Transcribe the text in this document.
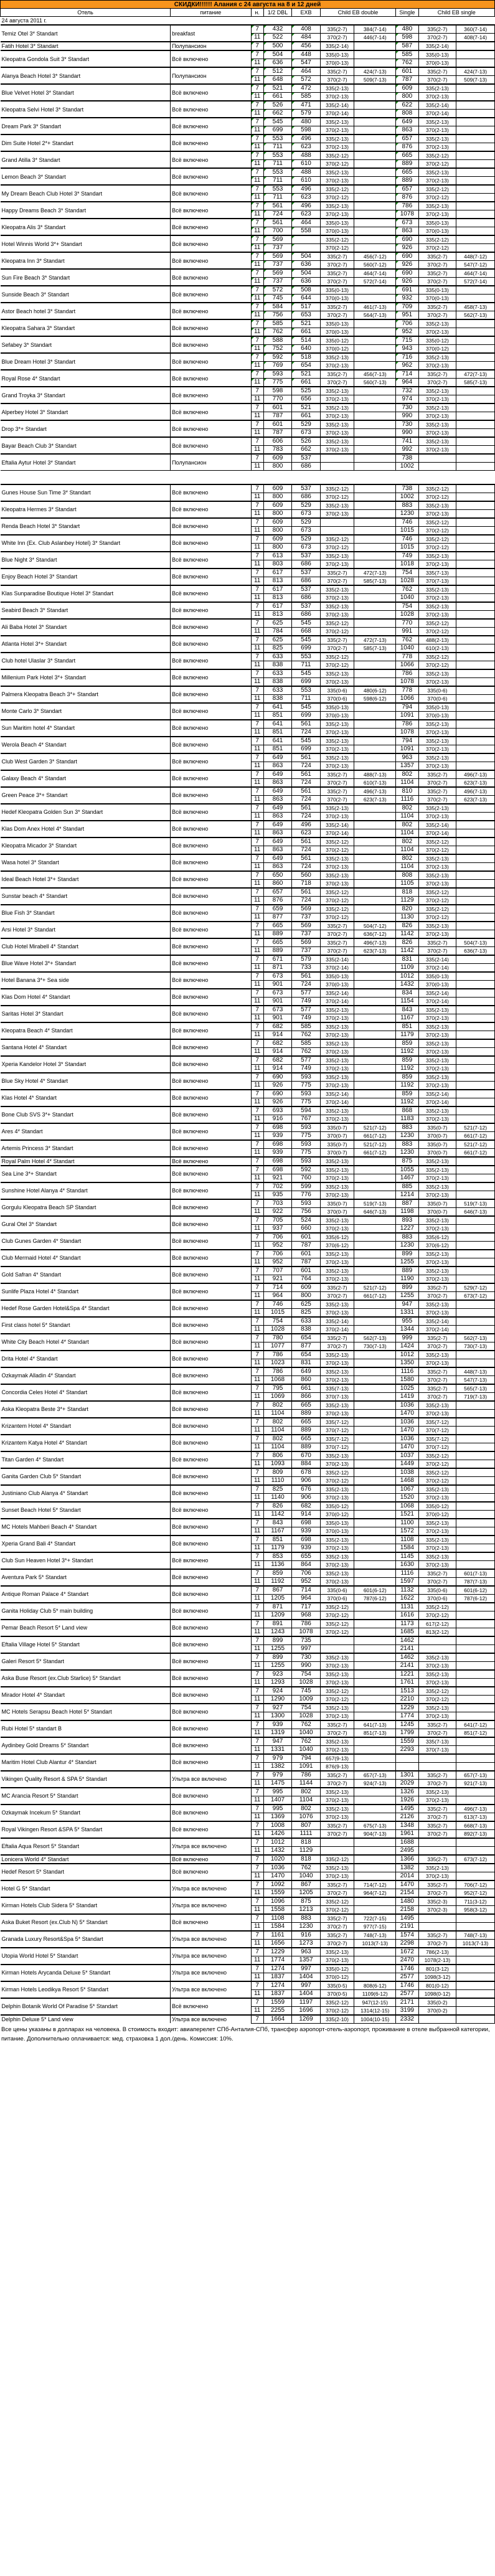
СКИДКИ!!!!!! Алания с 24 августа на 8 и 12 дней
Отель	питание	н.	1/2 DBL	EXB	Child EB double		Single	Child EB single	
24 августа 2011 г.									
Temiz Otel 3* Standart	breakfast	7	432	408	335(2-7)	384(7-14)	480	335(2-7)	360(7-14)
		11	522	484	370(2-7)	446(7-14)	598	370(2-7)	408(7-14)
Fatih Hotel 3* Standart	Полупансион	7	500	456	335(2-14)		587	335(2-14)	
Kleopatra Gondola Suit 3* Standart	Всё включено	7	504	448	335(0-13)		585	335(0-13)	
		11	636	547	370(0-13)		762	370(0-13)	
Alanya Beach Hotel 3* Standart	Полупансион	7	512	464	335(2-7)	424(7-13)	601	335(2-7)	424(7-13)
		11	648	572	370(2-7)	509(7-13)	787	370(2-7)	509(7-13)
Blue Velvet Hotel 3* Standart	Всё включено	7	521	472	335(2-13)		609	335(2-13)	
		11	661	585	370(2-13)		800	370(2-13)	
Kleopatra Selvi Hotel 3* Standart	Всё включено	7	526	471	335(2-14)		622	335(2-14)	
		11	662	579	370(2-14)		808	370(2-14)	
Dream Park 3* Standart	Всё включено	7	545	480	335(2-13)		649	335(2-13)	
		11	699	598	370(2-13)		863	370(2-13)	
Dim Suite Hotel 2*+ Standart	Всё включено	7	553	496	335(2-13)		657	335(2-13)	
		11	711	623	370(2-13)		876	370(2-13)	
Grand Atilla 3* Standart	Всё включено	7	553	488	335(2-12)		665	335(2-12)	
		11	711	610	370(2-12)		889	370(2-12)	
Lemon Beach 3* Standart	Всё включено	7	553	488	335(2-13)		665	335(2-13)	
		11	711	610	370(2-13)		889	370(2-13)	
My Dream Beach Club Hotel 3* Standart	Всё включено	7	553	496	335(2-12)		657	335(2-12)	
		11	711	623	370(2-12)		876	370(2-12)	
Happy Dreams Beach 3* Standart	Всё включено	7	561	496	335(2-13)		786	335(2-13)	
		11	724	623	370(2-13)		1078	370(2-13)	
Kleopatra Alis 3* Standart	Всё включено	7	561	464	335(0-13)		673	335(0-13)	
		11	700	558	370(0-13)		863	370(0-13)	
Hotel Winnis World 3*+ Standart	Всё включено	7	569		335(2-12)		690	335(2-12)	
		11	737		370(2-12)		926	370(2-12)	
Kleopatra Inn 3* Standart	Всё включено	7	569	504	335(2-7)	456(7-12)	690	335(2-7)	448(7-12)
		11	737	636	370(2-7)	560(7-12)	926	370(2-7)	547(7-12)
Sun Fire Beach 3* Standart	Всё включено	7	569	504	335(2-7)	464(7-14)	690	335(2-7)	464(7-14)
		11	737	636	370(2-7)	572(7-14)	926	370(2-7)	572(7-14)
Sunside Beach 3* Standart	Всё включено	7	572	508	335(0-13)		691	335(0-13)	
		11	745	644	370(0-13)		932	370(0-13)	
Astor Beach hotel 3* Standart	Всё включено	7	584	517	335(2-7)	461(7-13)	709	335(2-7)	458(7-13)
		11	756	653	370(2-7)	564(7-13)	951	370(2-7)	562(7-13)
Kleopatra Sahara 3* Standart	Всё включено	7	585	521	335(0-13)		706	335(2-13)	
		11	762	661	370(0-13)		952	370(2-13)	
Sefabey 3* Standart	Всё включено	7	588	514	335(0-12)		715	335(0-12)	
		11	752	640	370(0-12)		943	370(0-12)	
Blue Dream Hotel 3* Standart	Всё включено	7	592	518	335(2-13)		716	335(2-13)	
		11	769	654	370(2-13)		962	370(2-13)	
Royal Rose 4* Standart	Всё включено	7	593	521	335(2-7)	456(7-13)	714	335(2-7)	472(7-13)
		11	775	661	370(2-7)	560(7-13)	964	370(2-7)	585(7-13)
Grand Troyka 3* Standart	Всё включено	7	598	525	335(2-13)		732	335(2-13)	
		11	770	656	370(2-13)		974	370(2-13)	
Alperbey Hotel 3* Standart	Всё включено	7	601	521	335(2-13)		730	335(2-13)	
		11	787	661	370(2-13)		990	370(2-13)	
Drop 3*+ Standart	Всё включено	7	601	529	335(2-13)		730	335(2-13)	
		11	787	673	370(2-13)		990	370(2-13)	
Bayar Beach Club 3* Standart	Всё включено	7	606	526	335(2-13)		741	335(2-13)	
		11	783	662	370(2-13)		992	370(2-13)	
Eftalia Aytur Hotel 3* Standart	Полупансион	7	609	537			738		
		11	800	686			1002		

Gunes House Sun Time 3* Standart	Всё включено	7	609	537	335(2-12)		738	335(2-12)	
		11	800	686	370(2-12)		1002	370(2-12)	
Kleopatra Hermes 3* Standart	Всё включено	7	609	529	335(2-13)		883	335(2-13)	
		11	800	673	370(2-13)		1230	370(2-13)	
Renda Beach Hotel 3* Standart	Всё включено	7	609	529			746	335(2-12)	
		11	800	673			1015	370(2-12)	
White Inn (Ex. Club Aslanbey Hotel) 3* Standart	Всё включено	7	609	529	335(2-12)		746	335(2-12)	
		11	800	673	370(2-12)		1015	370(2-12)	
Blue Night 3* Standart	Всё включено	7	613	537	335(2-13)		749	335(2-13)	
		11	803	686	370(2-13)		1018	370(2-13)	
Enjoy Beach Hotel 3* Standart	Всё включено	7	617	537	335(2-7)	472(7-13)	754	335(7-13)	
		11	813	686	370(2-7)	585(7-13)	1028	370(7-13)	
Klas Sunparadise Boutique Hotel 3* Standart	Всё включено	7	617	537	335(2-13)		762	335(2-13)	
		11	813	686	370(2-13)		1040	370(2-13)	
Seabird Beach 3* Standart	Всё включено	7	617	537	335(2-13)		754	335(2-13)	
		11	813	686	370(2-13)		1028	370(2-13)	
Ali Baba Hotel 3* Standart	Всё включено	7	625	545	335(2-12)		770	335(2-12)	
		11	784	668	370(2-12)		991	370(2-12)	
Atlanta Hotel 3*+ Standart	Всё включено	7	625	545	335(2-7)	472(7-13)	762	488(2-13)	
		11	825	699	370(2-7)	585(7-13)	1040	610(2-13)	
Club hotel Ulaslar 3* Standart	Всё включено	7	633	553	335(2-12)		778	335(2-12)	
		11	838	711	370(2-12)		1066	370(2-12)	
Millenium Park Hotel 3*+ Standart	Всё включено	7	633	545	335(2-13)		786	335(2-13)	
		11	838	699	370(2-13)		1078	370(2-13)	
Palmera Kleopatra Beach 3*+ Standart	Всё включено	7	633	553	335(0-6)	480(6-12)	778	335(0-6)	
		11	838	711	370(0-6)	598(6-12)	1066	370(0-6)	
Monte Carlo 3* Standart	Всё включено	7	641	545	335(0-13)		794	335(0-13)	
		11	851	699	370(0-13)		1091	370(0-13)	
Sun Maritim hotel 4* Standart	Всё включено	7	641	561	335(2-13)		786	335(2-13)	
		11	851	724	370(2-13)		1078	370(2-13)	
Werola Beach 4* Standart	Всё включено	7	641	545	335(2-13)		794	335(2-13)	
		11	851	699	370(2-13)		1091	370(2-13)	
Club West Garden 3* Standart	Всё включено	7	649	561	335(2-13)		963	335(2-13)	
		11	863	724	370(2-13)		1357	370(2-13)	
Galaxy Beach 4* Standart	Всё включено	7	649	561	335(2-7)	488(7-13)	802	335(2-7)	496(7-13)
		11	863	724	370(2-7)	610(7-13)	1104	370(2-7)	623(7-13)
Green Peace 3*+ Standart	Всё включено	7	649	561	335(2-7)	496(7-13)	810	335(2-7)	496(7-13)
		11	863	724	370(2-7)	623(7-13)	1116	370(2-7)	623(7-13)
Hedef Kleopatra Golden Sun 3* Standart	Всё включено	7	649	561	335(2-13)		802	335(2-13)	
		11	863	724	370(2-13)		1104	370(2-13)	
Klas Dom Anex Hotel 4* Standart	Всё включено	7	649	496	335(2-14)		802	335(2-14)	
		11	863	623	370(2-14)		1104	370(2-14)	
Kleopatra Micador 3* Standart	Всё включено	7	649	561	335(2-12)		802	335(2-12)	
		11	863	724	370(2-12)		1104	370(2-12)	
Wasa hotel 3* Standart	Всё включено	7	649	561	335(2-13)		802	335(2-13)	
		11	863	724	370(2-13)		1104	370(2-13)	
Ideal Beach Hotel 3*+ Standart	Всё включено	7	650	560	335(2-13)		808	335(2-13)	
		11	860	718	370(2-13)		1105	370(2-13)	
Sunstar beach 4* Standart	Всё включено	7	657	561	335(2-12)		818	335(2-12)	
		11	876	724	370(2-12)		1129	370(2-12)	
Blue Fish 3* Standart	Всё включено	7	659	569	335(2-12)		820	335(2-12)	
		11	877	737	370(2-12)		1130	370(2-12)	
Arsi Hotel 3* Standart	Всё включено	7	665	569	335(2-7)	504(7-12)	826	335(2-13)	
		11	889	737	370(2-7)	636(7-12)	1142	370(2-13)	
Club Hotel Mirabell 4* Standart	Всё включено	7	665	569	335(2-7)	496(7-13)	826	335(2-7)	504(7-13)
		11	889	737	370(2-7)	623(7-13)	1142	370(2-7)	636(7-13)
Blue Wave Hotel 3*+ Standart	Всё включено	7	671	579	335(2-14)		831	335(2-14)	
		11	871	733	370(2-14)		1109	370(2-14)	
Hotel Banana 3*+ Sea side	Всё включено	7	673	561	335(0-13)		1012	335(0-13)	
		11	901	724	370(0-13)		1432	370(0-13)	
Klas Dom Hotel 4* Standart	Всё включено	7	673	577	335(2-14)		834	335(2-14)	
		11	901	749	370(2-14)		1154	370(2-14)	
Saritas Hotel 3* Standart	Всё включено	7	673	577	335(2-13)		843	335(2-13)	
		11	901	749	370(2-13)		1167	370(2-13)	
Kleopatra Beach 4* Standart	Всё включено	7	682	585	335(2-13)		851	335(2-13)	
		11	914	762	370(2-13)		1179	370(2-13)	
Santana Hotel 4* Standart	Всё включено	7	682	585	335(2-13)		859	335(2-13)	
		11	914	762	370(2-13)		1192	370(2-13)	
Xperia Kandelor Hotel 3* Standart	Всё включено	7	682	577	335(2-13)		859	335(2-13)	
		11	914	749	370(2-13)		1192	370(2-13)	
Blue Sky Hotel 4* Standart	Всё включено	7	690	593	335(2-13)		859	335(2-13)	
		11	926	775	370(2-13)		1192	370(2-13)	
Klas Hotel 4* Standart	Всё включено	7	690	593	335(2-14)		859	335(2-14)	
		11	926	775	370(2-14)		1192	370(2-14)	
Bone Club SVS 3*+ Standart	Всё включено	7	693	594	335(2-13)		868	335(2-13)	
		11	916	767	370(2-13)		1183	370(2-13)	
Ares 4* Standart	Всё включено	7	698	593	335(0-7)	521(7-12)	883	335(0-7)	521(7-12)
		11	939	775	370(0-7)	661(7-12)	1230	370(0-7)	661(7-12)
Artemis Princess 3* Standart	Всё включено	7	698	593	335(0-7)	521(7-12)	883	335(0-7)	521(7-12)
		11	939	775	370(0-7)	661(7-12)	1230	370(0-7)	661(7-12)
Royal Palm Hotel 4* Standart	Всё включено	7	698	593	335(2-13)		875	335(2-13)	
Sea Line 3*+ Standart	Всё включено	7	698	592	335(2-13)		1055	335(2-13)	
		11	921	760	370(2-13)		1467	370(2-13)	
Sunshine Hotel Alanya 4* Standart	Всё включено	7	702	599	335(2-13)		885	335(2-13)	
		11	935	776	370(2-13)		1214	370(2-13)	
Gorgulu Kleopatra Beach SP Standart	Всё включено	7	703	593	335(0-7)	519(7-13)	887	335(0-7)	519(7-13)
		11	922	756	370(0-7)	646(7-13)	1198	370(0-7)	646(7-13)
Gural Otel 3* Standart	Всё включено	7	705	524	335(2-13)		893	335(2-13)	
		11	937	660	370(2-13)		1227	370(2-13)	
Club Gunes Garden 4* Standart	Всё включено	7	706	601	335(6-12)		883	335(6-12)	
		11	952	787	370(6-12)		1230	370(6-12)	
Club Mermaid Hotel 4* Standart	Всё включено	7	706	601	335(2-13)		899	335(2-13)	
		11	952	787	370(2-13)		1255	370(2-13)	
Gold Safran 4* Standart	Всё включено	7	707	601	335(2-13)		889	335(2-13)	
		11	921	764	370(2-13)		1190	370(2-13)	
Sunlife Plaza Hotel 4* Standart	Всё включено	7	714	609	335(2-7)	521(7-12)	899	335(2-7)	529(7-12)
		11	964	800	370(2-7)	661(7-12)	1255	370(2-7)	673(7-12)
Hedef Rose Garden Hotel&Spa 4* Standart	Всё включено	7	746	625	335(2-13)		947	335(2-13)	
		11	1015	825	370(2-13)		1331	370(2-13)	
First class hotel 5* Standart	Всё включено	7	754	633	335(2-14)		955	335(2-14)	
		11	1028	838	370(2-14)		1344	370(2-14)	
White City Beach Hotel 4* Standart	Всё включено	7	780	654	335(2-7)	562(7-13)	999	335(2-7)	562(7-13)
		11	1077	877	370(2-7)	730(7-13)	1424	370(2-7)	730(7-13)
Drita Hotel 4* Standart	Всё включено	7	786	654	335(2-13)		1012	335(2-13)	
		11	1023	831	370(2-13)		1350	370(2-13)	
Ozkaymak Alladin 4* Standart	Всё включено	7	786	649	335(2-13)		1116	335(2-7)	448(7-13)
		11	1068	860	370(2-13)		1580	370(2-7)	547(7-13)
Concordia Celes Hotel 4* Standart	Всё включено	7	795	661	335(7-13)		1025	335(2-7)	565(7-13)
		11	1069	866	370(7-13)		1419	370(2-7)	719(7-13)
Aska Kleopatra Beste 3*+ Standart	Всё включено	7	802	665	335(2-13)		1036	335(2-13)	
		11	1104	889	370(2-13)		1470	370(2-13)	
Krizantem Hotel 4* Standart	Всё включено	7	802	665	335(7-12)		1036	335(7-12)	
		11	1104	889	370(7-12)		1470	370(7-12)	
Krizantem Katya Hotel 4* Standart	Всё включено	7	802	665	335(7-12)		1036	335(7-12)	
		11	1104	889	370(7-12)		1470	370(7-12)	
Titan Garden 4* Standart	Всё включено	7	806	670	335(2-13)		1037	335(2-12)	
		11	1093	884	370(2-13)		1449	370(2-12)	
Ganita Garden Club 5* Standart	Всё включено	7	809	678	335(2-12)		1038	335(2-12)	
		11	1110	906	370(2-12)		1468	370(2-12)	
Justiniano Club Alanya 4* Standart	Всё включено	7	825	676	335(2-13)		1067	335(2-13)	
		11	1140	906	370(2-13)		1520	370(2-13)	
Sunset Beach Hotel 5* Standart	Всё включено	7	826	682	335(0-12)		1068	335(0-12)	
		11	1142	914	370(0-12)		1521	370(0-12)	
MC Hotels Mahberi Beach 4* Standart	Всё включено	7	843	698	335(0-13)		1100	335(2-13)	
		11	1167	939	370(0-13)		1572	370(2-13)	
Xperia Grand Bali 4* Standart	Всё включено	7	851	698	335(2-13)		1108	335(2-13)	
		11	1179	939	370(2-13)		1584	370(2-13)	
Club Sun Heaven Hotel 3*+ Standart	Всё включено	7	853	655	335(2-13)		1145	335(2-13)	
		11	1136	864	370(2-13)		1630	370(2-13)	
Aventura Park 5* Standart	Всё включено	7	859	706	335(2-13)		1116	335(2-7)	601(7-13)
		11	1192	952	370(2-13)		1597	370(2-7)	787(7-13)
Antique Roman Palace 4* Standart	Всё включено	7	867	714	335(0-6)	601(6-12)	1132	335(0-6)	601(6-12)
		11	1205	964	370(0-6)	787(6-12)	1622	370(0-6)	787(6-12)
Ganita Holiday Club 5* main building	Всё включено	7	871	717	335(2-12)		1131	335(2-12)	
		11	1209	968	370(2-12)		1616	370(2-12)	
Pemar Beach Resort 5* Land view	Всё включено	7	891	786	335(2-12)		1173	617(2-12)	
		11	1243	1078	370(2-12)		1685	813(2-12)	
Eftalia Village Hotel 5* Standart	Всё включено	7	899	735			1462		
		11	1255	997			2141		
Galeri Resort 5* Standart	Всё включено	7	899	730	335(2-13)		1462	335(2-13)	
		11	1255	990	370(2-13)		2141	370(2-13)	
Aska Buse Resort (ex.Club Starlice) 5* Standart	Всё включено	7	923	754	335(2-13)		1221	335(2-13)	
		11	1293	1028	370(2-13)		1761	370(2-13)	
Mirador Hotel 4* Standart	Всё включено	7	924	745	335(2-12)		1513	335(2-12)	
		11	1290	1009	370(2-12)		2210	370(2-12)	
MC Hotels Serapsu Beach Hotel 5* Standart	Всё включено	7	927	754	335(2-13)		1229	335(2-13)	
		11	1300	1028	370(2-13)		1774	370(2-13)	
Rubi Hotel 5* standart B	Всё включено	7	939	762	335(2-7)	641(7-13)	1245	335(2-7)	641(7-12)
		11	1319	1040	370(2-7)	851(7-13)	1799	370(2-7)	851(7-12)
Aydinbey Gold Dreams 5* Standart	Всё включено	7	947	762	335(2-13)		1559	335(7-13)	
		11	1331	1040	370(2-13)		2293	370(7-13)	
Maritim Hotel Club Alantur 4* Standart	Всё включено	7	979	794	657(9-13)				
		11	1382	1091	876(9-13)				
Vikingen Quality Resort & SPA 5* Standart	Ультра все включено	7	979	786	335(2-7)	657(7-13)	1301	335(2-7)	657(7-13)
		11	1475	1144	370(2-7)	924(7-13)	2029	370(2-7)	921(7-13)
MC Arancia Resort 5* Standart	Всё включено	7	995	802	335(2-13)		1326	335(2-13)	
		11	1407	1104	370(2-13)		1926	370(2-13)	
Ozkaymak Incekum 5* Standart	Всё включено	7	995	802	335(2-13)		1495	335(2-7)	496(7-13)
		11	1369	1076	370(2-13)		2126	370(2-7)	613(7-13)
Royal Vikingen Resort &SPA 5* Standart	Всё включено	7	1008	807	335(2-7)	675(7-13)	1348	335(2-7)	668(7-13)
		11	1426	1111	370(2-7)	904(7-13)	1961	370(2-7)	892(7-13)
Eftalia Aqua Resort 5* Standart	Ультра все включено	7	1012	818			1688		
		11	1432	1129			2495		
Lonicera World 4* Standart	Всё включено	7	1020	818	335(2-12)		1366	335(2-7)	673(7-12)
Hedef Resort 5* Standart	Всё включено	7	1036	762	335(2-13)		1382	335(2-13)	
		11	1470	1040	370(2-13)		2014	370(2-13)	
Hotel G 5* Standart	Ультра все включено	7	1092	867	335(2-7)	714(7-12)	1470	335(2-7)	706(7-12)
		11	1559	1205	370(2-7)	964(7-12)	2154	370(2-7)	952(7-12)
Kirman Hotels Club Sidera 5* Standart	Ультра все включено	7	1096	875	335(2-12)		1480	335(2-3)	711(3-12)
		11	1558	1213	370(2-12)		2158	370(2-3)	958(3-12)
Aska Buket Resort (ex.Club N) 5* Standart	Всё включено	7	1108	883	335(2-7)	722(7-15)	1495		
		11	1584	1230	370(2-7)	977(7-15)	2191		
Granada Luxury Resort&Spa 5* Standart	Ультра все включено	7	1161	916	335(2-7)	748(7-13)	1574	335(2-7)	748(7-13)
		11	1656	1273	370(2-7)	1013(7-13)	2298	370(2-7)	1013(7-13)
Utopia World Hotel 5* Standart	Ультра все включено	7	1229	963	335(2-13)		1672	786(2-13)	
		11	1774	1357	370(2-13)		2470	1078(2-13)	
Kirman Hotels Arycanda Deluxe 5* Standart	Ультра все включено	7	1274	997	335(0-12)		1746	801(3-12)	
		11	1837	1404	370(0-12)		2577	1098(3-12)	
Kirman Hotels Leodikya Resort 5* Standart	Ультра все включено	7	1274	997	335(0-5)	808(6-12)	1746	801(0-12)	
		11	1837	1404	370(0-5)	1109(6-12)	2577	1098(0-12)	
Delphin Botanik World Of Paradise 5* Standart	Всё включено	7	1559	1197	335(2-12)	947(12-15)	2171	335(0-2)	
		11	2255	1696	370(2-12)	1314(12-15)	3199	370(0-2)	
Delphin Deluxe 5* Land view	Ультра все включено	7	1664	1269	335(2-10)	1004(10-15)	2332		
Все цены указаны в долларах на человека. В стоимость входит: авиаперелет СПб-Анталия-СПб, трансфер аэропорт-отель-аэропорт, проживание в отеле выбранной категории, питание. Дополнительно оплачивается: мед. страховка 1 дол./день. Комиссия: 10%.
